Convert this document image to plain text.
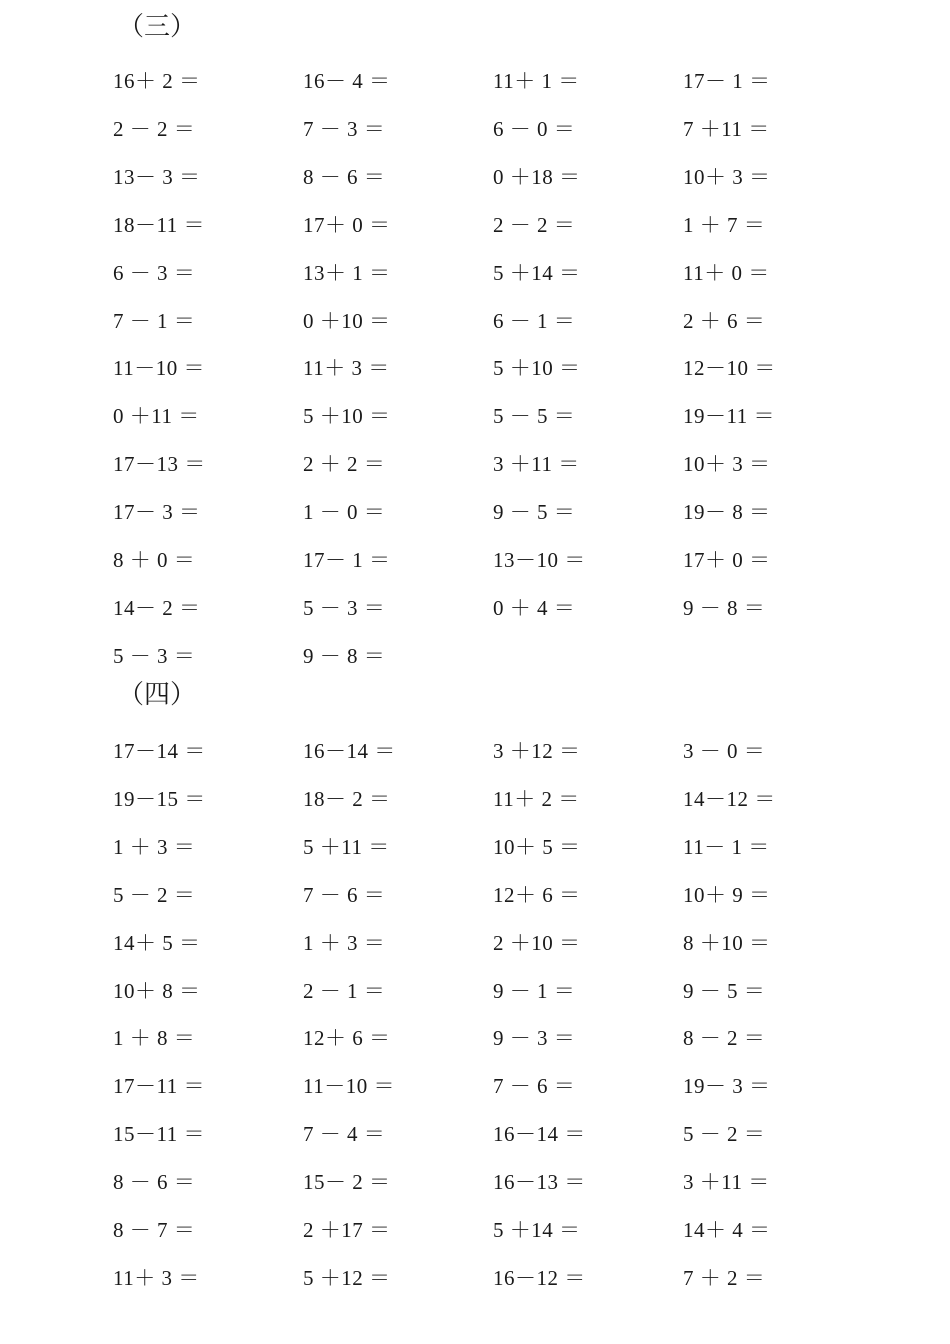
（三）
（四）
16＋ 2 ＝	16－ 4 ＝	11＋ 1 ＝	17－ 1 ＝
2 － 2 ＝	7 － 3 ＝	6 － 0 ＝	7 ＋11 ＝
13－ 3 ＝	8 － 6 ＝	0 ＋18 ＝	10＋ 3 ＝
18－11 ＝	17＋ 0 ＝	2 － 2 ＝	1 ＋ 7 ＝
6 － 3 ＝	13＋ 1 ＝	5 ＋14 ＝	11＋ 0 ＝
7 － 1 ＝	0 ＋10 ＝	6 － 1 ＝	2 ＋ 6 ＝
11－10 ＝	11＋ 3 ＝	5 ＋10 ＝	12－10 ＝
0 ＋11 ＝	5 ＋10 ＝	5 － 5 ＝	19－11 ＝
17－13 ＝	2 ＋ 2 ＝	3 ＋11 ＝	10＋ 3 ＝
17－ 3 ＝	1 － 0 ＝	9 － 5 ＝	19－ 8 ＝
8 ＋ 0 ＝	17－ 1 ＝	13－10 ＝	17＋ 0 ＝
14－ 2 ＝	5 － 3 ＝	0 ＋ 4 ＝	9 － 8 ＝
5 － 3 ＝	9 － 8 ＝
17－14 ＝	16－14 ＝	3 ＋12 ＝	3 － 0 ＝
19－15 ＝	18－ 2 ＝	11＋ 2 ＝	14－12 ＝
1 ＋ 3 ＝	5 ＋11 ＝	10＋ 5 ＝	11－ 1 ＝
5 － 2 ＝	7 － 6 ＝	12＋ 6 ＝	10＋ 9 ＝
14＋ 5 ＝	1 ＋ 3 ＝	2 ＋10 ＝	8 ＋10 ＝
10＋ 8 ＝	2 － 1 ＝	9 － 1 ＝	9 － 5 ＝
1 ＋ 8 ＝	12＋ 6 ＝	9 － 3 ＝	8 － 2 ＝
17－11 ＝	11－10 ＝	7 － 6 ＝	19－ 3 ＝
15－11 ＝	7 － 4 ＝	16－14 ＝	5 － 2 ＝
8 － 6 ＝	15－ 2 ＝	16－13 ＝	3 ＋11 ＝
8 － 7 ＝	2 ＋17 ＝	5 ＋14 ＝	14＋ 4 ＝
11＋ 3 ＝	5 ＋12 ＝	16－12 ＝	7 ＋ 2 ＝
